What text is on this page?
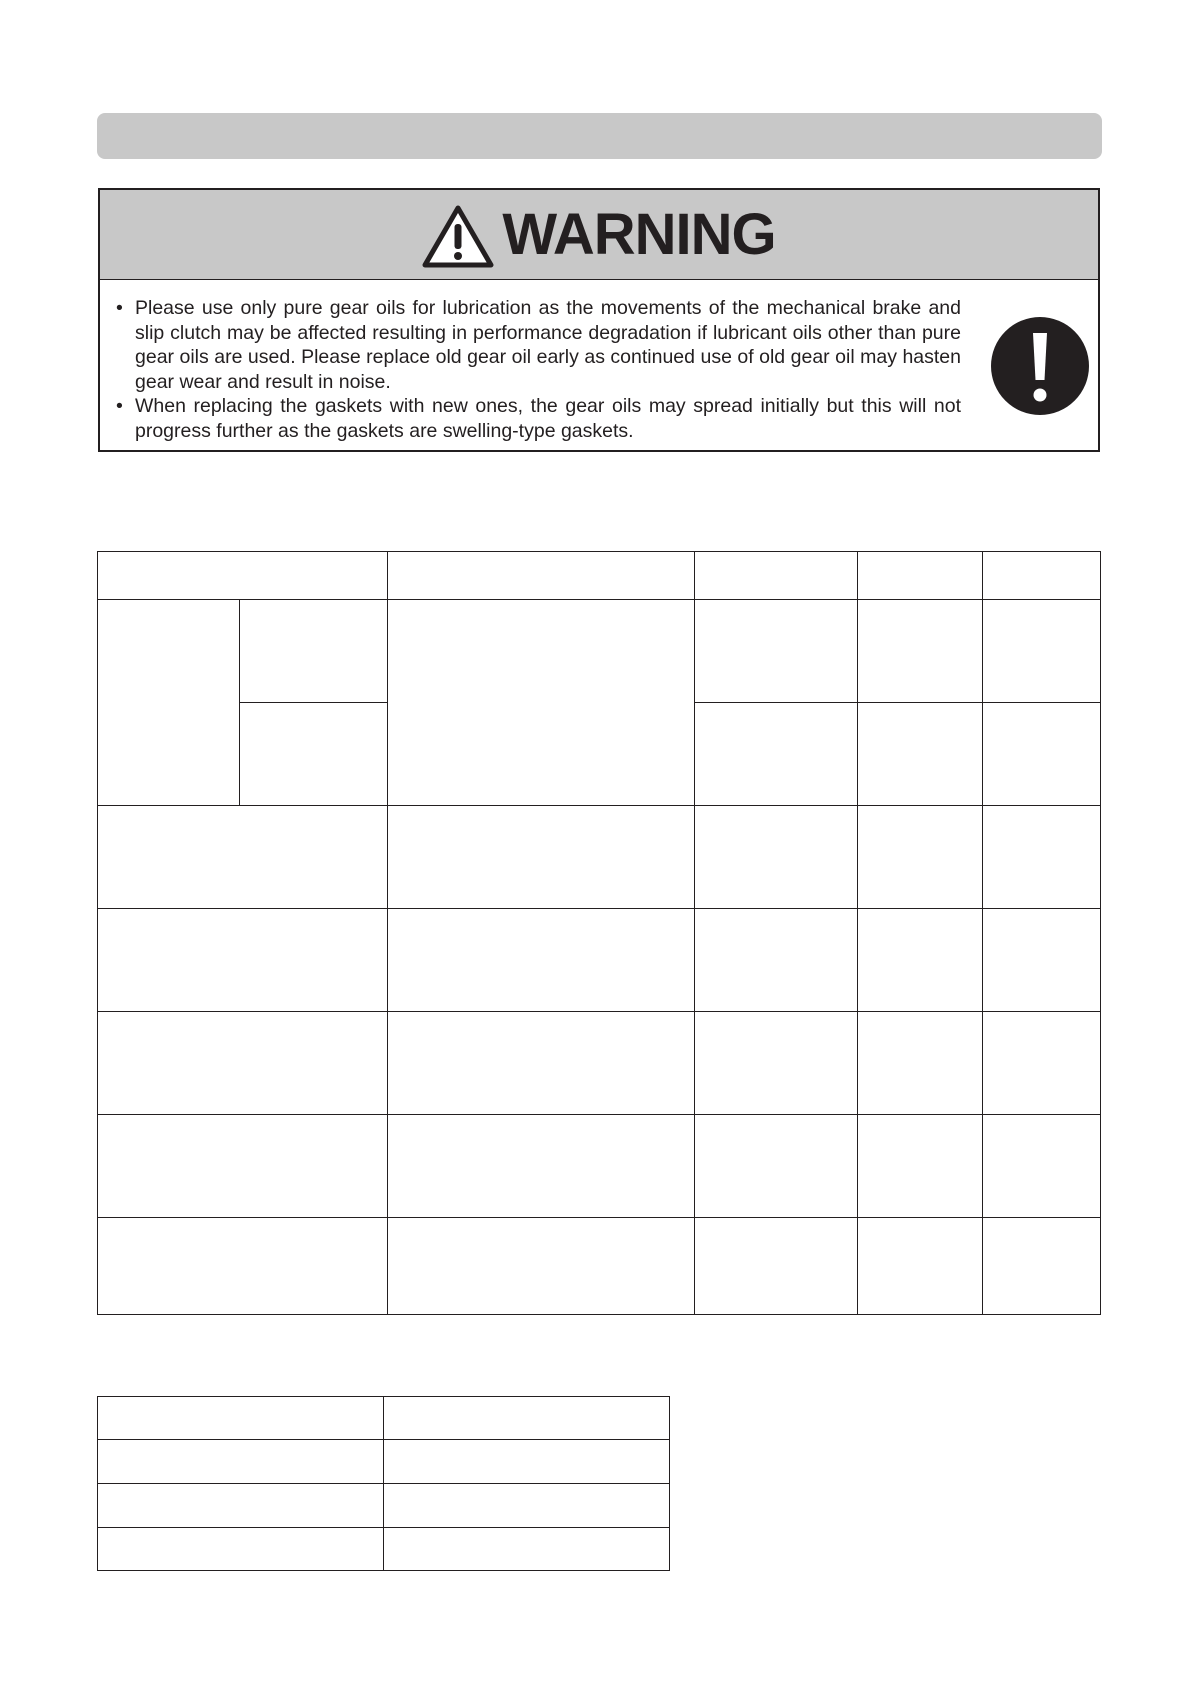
WARNING
• Please use only pure gear oils for lubrication as the movements of the mechanical brake and slip clutch may be affected resulting in performance degradation if lubricant oils other than pure gear oils are used. Please replace old gear oil early as continued use of old gear oil may hasten gear wear and result in noise.
• When replacing the gaskets with new ones, the gear oils may spread initially but this will not progress further as the gaskets are swelling-type gaskets.
